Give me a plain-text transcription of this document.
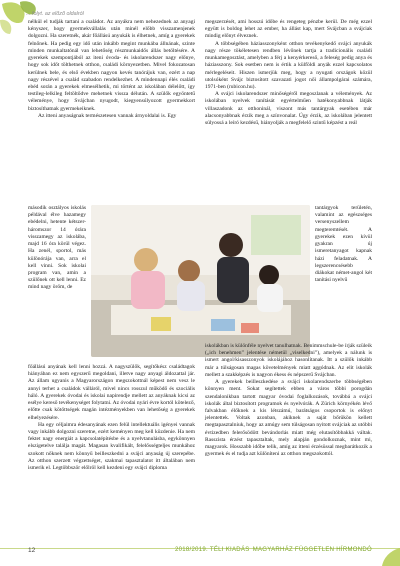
... folyt. az előző oldalról

nélkül el tudják tartani a családot. Az anyákra nem nehezednek az anyagi kényszer, hogy gyermekvállalás után minél előbb visszamenjenek dolgozni. Ha szeretnék, akár főállású anyukák is élhetnek, amíg a gyerekek felnőnek. Ha pedig egy idő után inkább megint munkába állnának, szinte minden munkaltatónál van lehetőség részmunkaidős állás betöltésére. A gyerekek szempontjából az iteni óvoda- és iskolarendszer nagy előnye, hogy sok időt tölthetnek otthon, családi környezetben. Mivel fokozatosan kerülnek bele, és első években nagyon kevés tanórájuk van, ezért a nap nagy részével a család szabadon rendelkezhet. A mindennapi élés családi ebéd során a gyerekek elmesélhetik, mi történt az iskolában délelőtt, így testileg-lelkileg feltöltődve mehetnek vissza délután. A szülők egyöntetű véleménye, hogy Svájcban nyugodt, kiegyensúlyozott gyermekkort biztosíthatnak gyermekeiknek.

Az itteni anyaságnak természetesen vannak árnyoldalai is. Egy

megszerzését, ami hosszú időbe és rengeteg pénzbe kerül. De még ezzel együtt is boldog lehet az ember, ha állást kap, mert Svájcban a svájciak mindig előnyt élveznek.

A többségében háziasszonyként otthon tevékenykedő svájci anyukák nagy része tökéletesen rendben lévőnek tartja a tradicionális családi munkamegosztást, amelyben a férj a kenyérkereső, a feleség pedig anya és háziasszony. Sok esetben nem is értik a külföldi anyák ezzel kapcsolatos mérlegeléseit. Hiszen ismerjük meg, hogy a nyugati országok közül utolsóként Svájc biztosított szavazati jogot női állampolgárai számára, 1971-ben (rubicon.hu).

A svájci iskolarendszer minőségéről megoszlanak a vélemények. Az iskolában nyelvek tanítását egyértelműen hatékonyabbnak látják villaszadonk az otthoninál, viszont más tantárgyak esetében már alacsonyabbnak érzik meg a színvonalat. Úgy érzik, az iskolában jelentett súlyossá a leíró kezdésű, hiányolják a megfelelő szintű képzést a reál

második osztályos iskolás példával élve hazamegy ebédelni, hetente kétszer-háromszor 14 órára visszamegy az iskolába, majd 16 óra körül végez. Ha zenél, sportol, más különórája van, arra el kell vinni. Sok iskolai program van, amin a szülőnek ott kell lenni. Ez mind nagy öröm, de

tantárgyok területén, valamint az egészséges versenyszellem megteremtését. A gyerekek ezen kívül gyakran új ismeretanyagot kapnak házi feladatnak. A legszerencsésebb diákokat német-angol két tanítási nyelvű

főállású anyának kell lenni hozzá. A nagyszülők, segítőkész családtagok hiányában ez nem egyszerű megoldani, illetve nagy anyagi áldozattal jár. Az állam ugyanis a Magyarországon megszokottnál képest nem vesz le annyi terhet a családok válláról, mivel nincs rosszul működő és szociális háló. A gyerekek óvodai és iskolai napirendje mellett az anyáknak kicsi az esélye kereső tevékenységet folytatni. Az óvodai nyári évre kortól kötelező, előtte csak kötöttségek magán intézményekben van lehetőség a gyerekek elhelyezésére.

Ha egy céljaimra édesanyának ezen felül intellektuális igényei vannak vagy inkább dolgozni szeretne, ezért keményen meg kell küzdenie. Ha nem fektet nagy energiát a kapcsolatépítésbe és a nyelvtanulásba, egykönnyen elszigetelve találja magát. Magasan kvalifikált, felelősségteljes munkához szokott nőknek nem könnyű beilleszkedni a svájci anyaság új szerepébe. Az otthon szerzett végzettséget, szakmai tapasztalatot itt általában nem ismerik el. Legtöbbször előlröl kell kezdeni egy svájci diploma

iskolákban is különféle nyelvet tanulhatnak. Benimmschule-be írják szüleik („ich benehmen” jelentése németül „viselkedni”), amelyek a nálunk is ismert angol/kisasszonyok iskolájához hasonlítanak. Itt a szülők inkább már a túlságosan magas követelmények miatt aggódnak. Az elit iskolák mellett a szakképzés is nagyon ékess és népszerű Svájcban.

A gyerekek beilleszkedése a svájci iskolarendszerbe többségében könnyen ment. Sokat segítettek ebben a város többi porogdán szendalonikban tartott magyar óvodai foglalkozások, továbbá a svájci iskolák által biztosított programok és nyelvórák. A Zürich környékén lévő falvakban élőknek a kis létszámú, barátságos csoportok is előnyt jelentettek. Voltak azonban, akiknek a saját bőrükön kellett megtapasztalniuk, hogy az amúgy sem túlságosan nyitott svájciak az utóbbi évtizedben felerősödött bevándorlás miatt még elutasítóbbakká váltak. Rasszista érzést tapasztaltak, mely alapján gondolkoznak, mint mi, magyarok. Hosszabb időbe telik, amíg az itteni érzésüssal megbarátkozik a gyermek és el tudja azt különíteni az otthon megszokottól.

12	2018/2019. TÉLI KIADÁS MAGYARHÁZ FÜGGETLEN HÍRMONDÓ
